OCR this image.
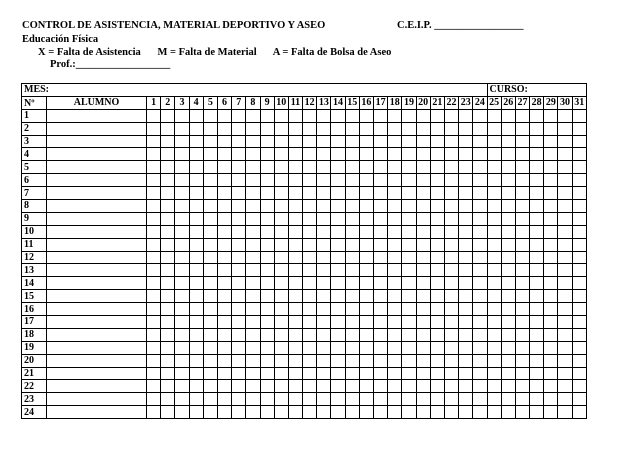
CONTROL DE ASISTENCIA, MATERIAL DEPORTIVO Y ASEO	C.E.I.P. _________________
Educación Física
X = Falta de Asistencia M = Falta de Material A = Falta de Bolsa de Aseo
Prof.:__________________
MES:																										CURSO:						
Nº	ALUMNO	1	2	3	4	5	6	7	8	9	10	11	12	13	14	15	16	17	18	19	20	21	22	23	24	25	26	27	28	29	30	31
1																																
2																																
3																																
4																																
5																																
6																																
7																																
8																																
9																																
10																																
11																																
12																																
13																																
14																																
15																																
16																																
17																																
18																																
19																																
20																																
21																																
22																																
23																																
24																																
